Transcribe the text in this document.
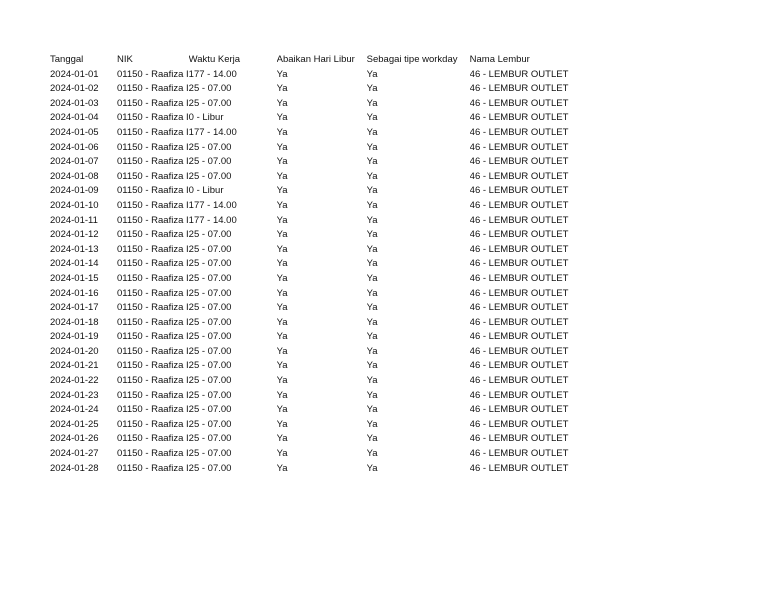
Tanggal	NIK	Waktu Kerja	Abaikan Hari Libur	Sebagai tipe workday	Nama Lembur
2024-01-01	01150 - Raafiza I	177 - 14.00	Ya	Ya	46 - LEMBUR OUTLET
2024-01-02	01150 - Raafiza I	25 - 07.00	Ya	Ya	46 - LEMBUR OUTLET
2024-01-03	01150 - Raafiza I	25 - 07.00	Ya	Ya	46 - LEMBUR OUTLET
2024-01-04	01150 - Raafiza I	0 - Libur	Ya	Ya	46 - LEMBUR OUTLET
2024-01-05	01150 - Raafiza I	177 - 14.00	Ya	Ya	46 - LEMBUR OUTLET
2024-01-06	01150 - Raafiza I	25 - 07.00	Ya	Ya	46 - LEMBUR OUTLET
2024-01-07	01150 - Raafiza I	25 - 07.00	Ya	Ya	46 - LEMBUR OUTLET
2024-01-08	01150 - Raafiza I	25 - 07.00	Ya	Ya	46 - LEMBUR OUTLET
2024-01-09	01150 - Raafiza I	0 - Libur	Ya	Ya	46 - LEMBUR OUTLET
2024-01-10	01150 - Raafiza I	177 - 14.00	Ya	Ya	46 - LEMBUR OUTLET
2024-01-11	01150 - Raafiza I	177 - 14.00	Ya	Ya	46 - LEMBUR OUTLET
2024-01-12	01150 - Raafiza I	25 - 07.00	Ya	Ya	46 - LEMBUR OUTLET
2024-01-13	01150 - Raafiza I	25 - 07.00	Ya	Ya	46 - LEMBUR OUTLET
2024-01-14	01150 - Raafiza I	25 - 07.00	Ya	Ya	46 - LEMBUR OUTLET
2024-01-15	01150 - Raafiza I	25 - 07.00	Ya	Ya	46 - LEMBUR OUTLET
2024-01-16	01150 - Raafiza I	25 - 07.00	Ya	Ya	46 - LEMBUR OUTLET
2024-01-17	01150 - Raafiza I	25 - 07.00	Ya	Ya	46 - LEMBUR OUTLET
2024-01-18	01150 - Raafiza I	25 - 07.00	Ya	Ya	46 - LEMBUR OUTLET
2024-01-19	01150 - Raafiza I	25 - 07.00	Ya	Ya	46 - LEMBUR OUTLET
2024-01-20	01150 - Raafiza I	25 - 07.00	Ya	Ya	46 - LEMBUR OUTLET
2024-01-21	01150 - Raafiza I	25 - 07.00	Ya	Ya	46 - LEMBUR OUTLET
2024-01-22	01150 - Raafiza I	25 - 07.00	Ya	Ya	46 - LEMBUR OUTLET
2024-01-23	01150 - Raafiza I	25 - 07.00	Ya	Ya	46 - LEMBUR OUTLET
2024-01-24	01150 - Raafiza I	25 - 07.00	Ya	Ya	46 - LEMBUR OUTLET
2024-01-25	01150 - Raafiza I	25 - 07.00	Ya	Ya	46 - LEMBUR OUTLET
2024-01-26	01150 - Raafiza I	25 - 07.00	Ya	Ya	46 - LEMBUR OUTLET
2024-01-27	01150 - Raafiza I	25 - 07.00	Ya	Ya	46 - LEMBUR OUTLET
2024-01-28	01150 - Raafiza I	25 - 07.00	Ya	Ya	46 - LEMBUR OUTLET
